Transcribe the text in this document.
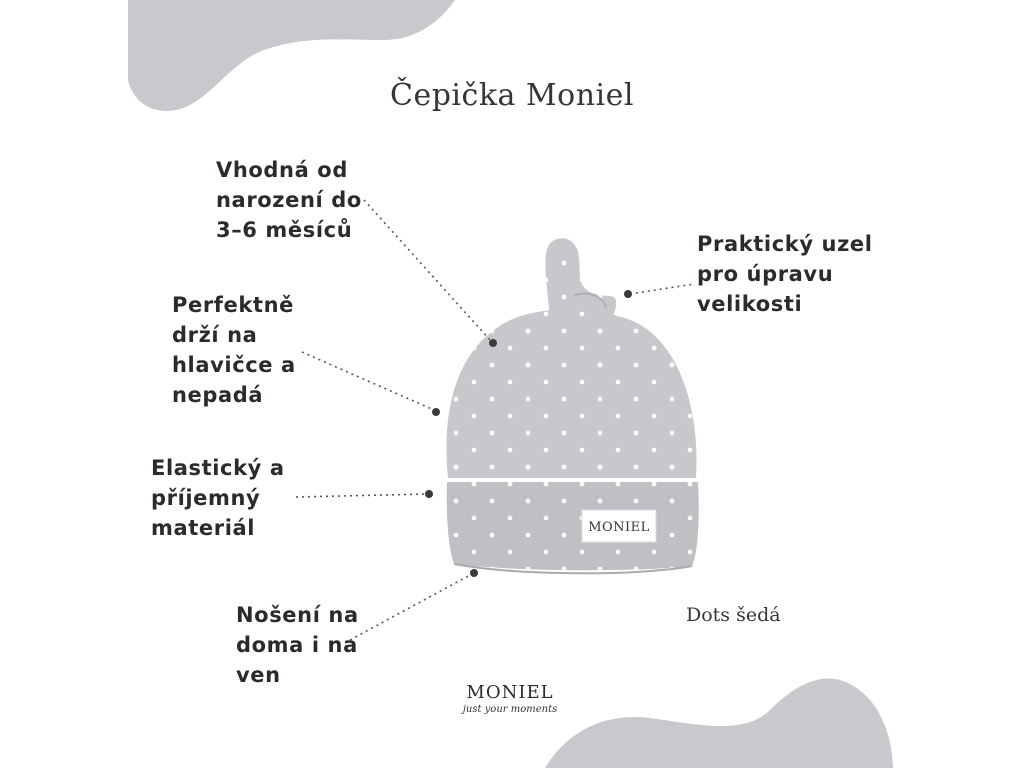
Čepička Moniel
Vhodná od
narození do
3–6 měsíců
Perfektně
drží na
hlavičce a
nepadá
Elastický a
příjemný
materiál
Nošení na
doma i na
ven
Praktický uzel
pro úpravu
velikosti
MONIEL
Dots šedá
MONIEL
just your moments
